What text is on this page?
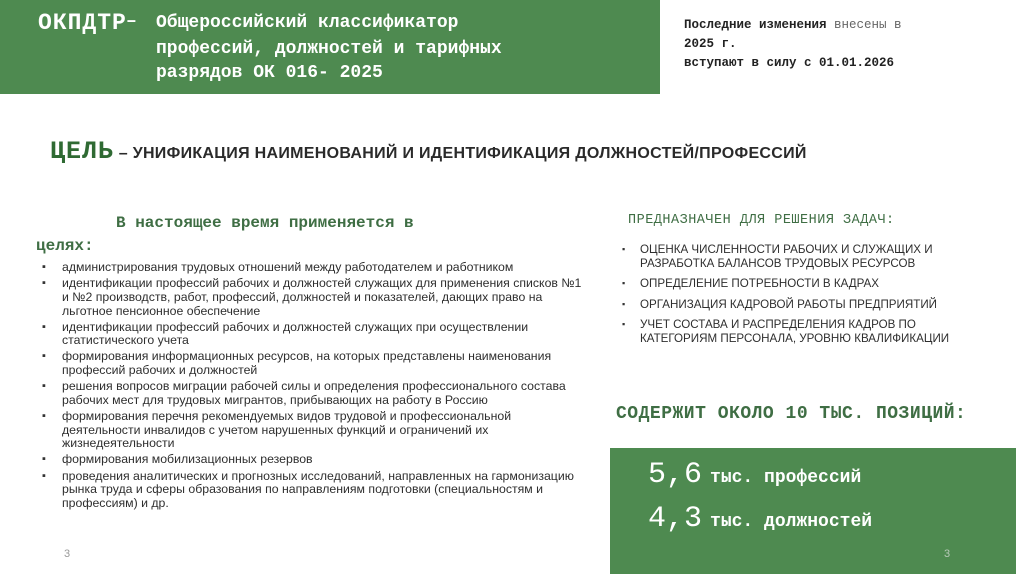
ОКПДТР – Общероссийский классификатор
профессий, должностей и тарифных
разрядов ОК 016- 2025
Последние изменения внесены в
2025 г.
вступают в силу с 01.01.2026
ЦЕЛЬ – УНИФИКАЦИЯ НАИМЕНОВАНИЙ И ИДЕНТИФИКАЦИЯ ДОЛЖНОСТЕЙ/ПРОФЕССИЙ
В настоящее время применяется в
целях:
▪ администрирования трудовых отношений между работодателем и работником
▪ идентификации профессий рабочих и должностей служащих для применения списков №1 и №2 производств, работ, профессий, должностей и показателей, дающих право на льготное пенсионное обеспечение
▪ идентификации профессий рабочих и должностей служащих при осуществлении статистического учета
▪ формирования информационных ресурсов, на которых представлены наименования профессий рабочих и должностей
▪ решения вопросов миграции рабочей силы и определения профессионального состава рабочих мест для трудовых мигрантов, прибывающих на работу в Россию
▪ формирования перечня рекомендуемых видов трудовой и профессиональной деятельности инвалидов с учетом нарушенных функций и ограничений их жизнедеятельности
▪ формирования мобилизационных резервов
▪ проведения аналитических и прогнозных исследований, направленных на гармонизацию рынка труда и сферы образования по направлениям подготовки (специальностям и профессиям) и др.
ПРЕДНАЗНАЧЕН ДЛЯ РЕШЕНИЯ ЗАДАЧ:
▪ ОЦЕНКА ЧИСЛЕННОСТИ РАБОЧИХ И СЛУЖАЩИХ И РАЗРАБОТКА БАЛАНСОВ ТРУДОВЫХ РЕСУРСОВ
▪ ОПРЕДЕЛЕНИЕ ПОТРЕБНОСТИ В КАДРАХ
▪ ОРГАНИЗАЦИЯ КАДРОВОЙ РАБОТЫ ПРЕДПРИЯТИЙ
▪ УЧЕТ СОСТАВА И РАСПРЕДЕЛЕНИЯ КАДРОВ ПО КАТЕГОРИЯМ ПЕРСОНАЛА, УРОВНЮ КВАЛИФИКАЦИИ
СОДЕРЖИТ ОКОЛО 10 ТЫС. ПОЗИЦИЙ:
5,6 тыс. профессий
4,3 тыс. должностей
3	3
